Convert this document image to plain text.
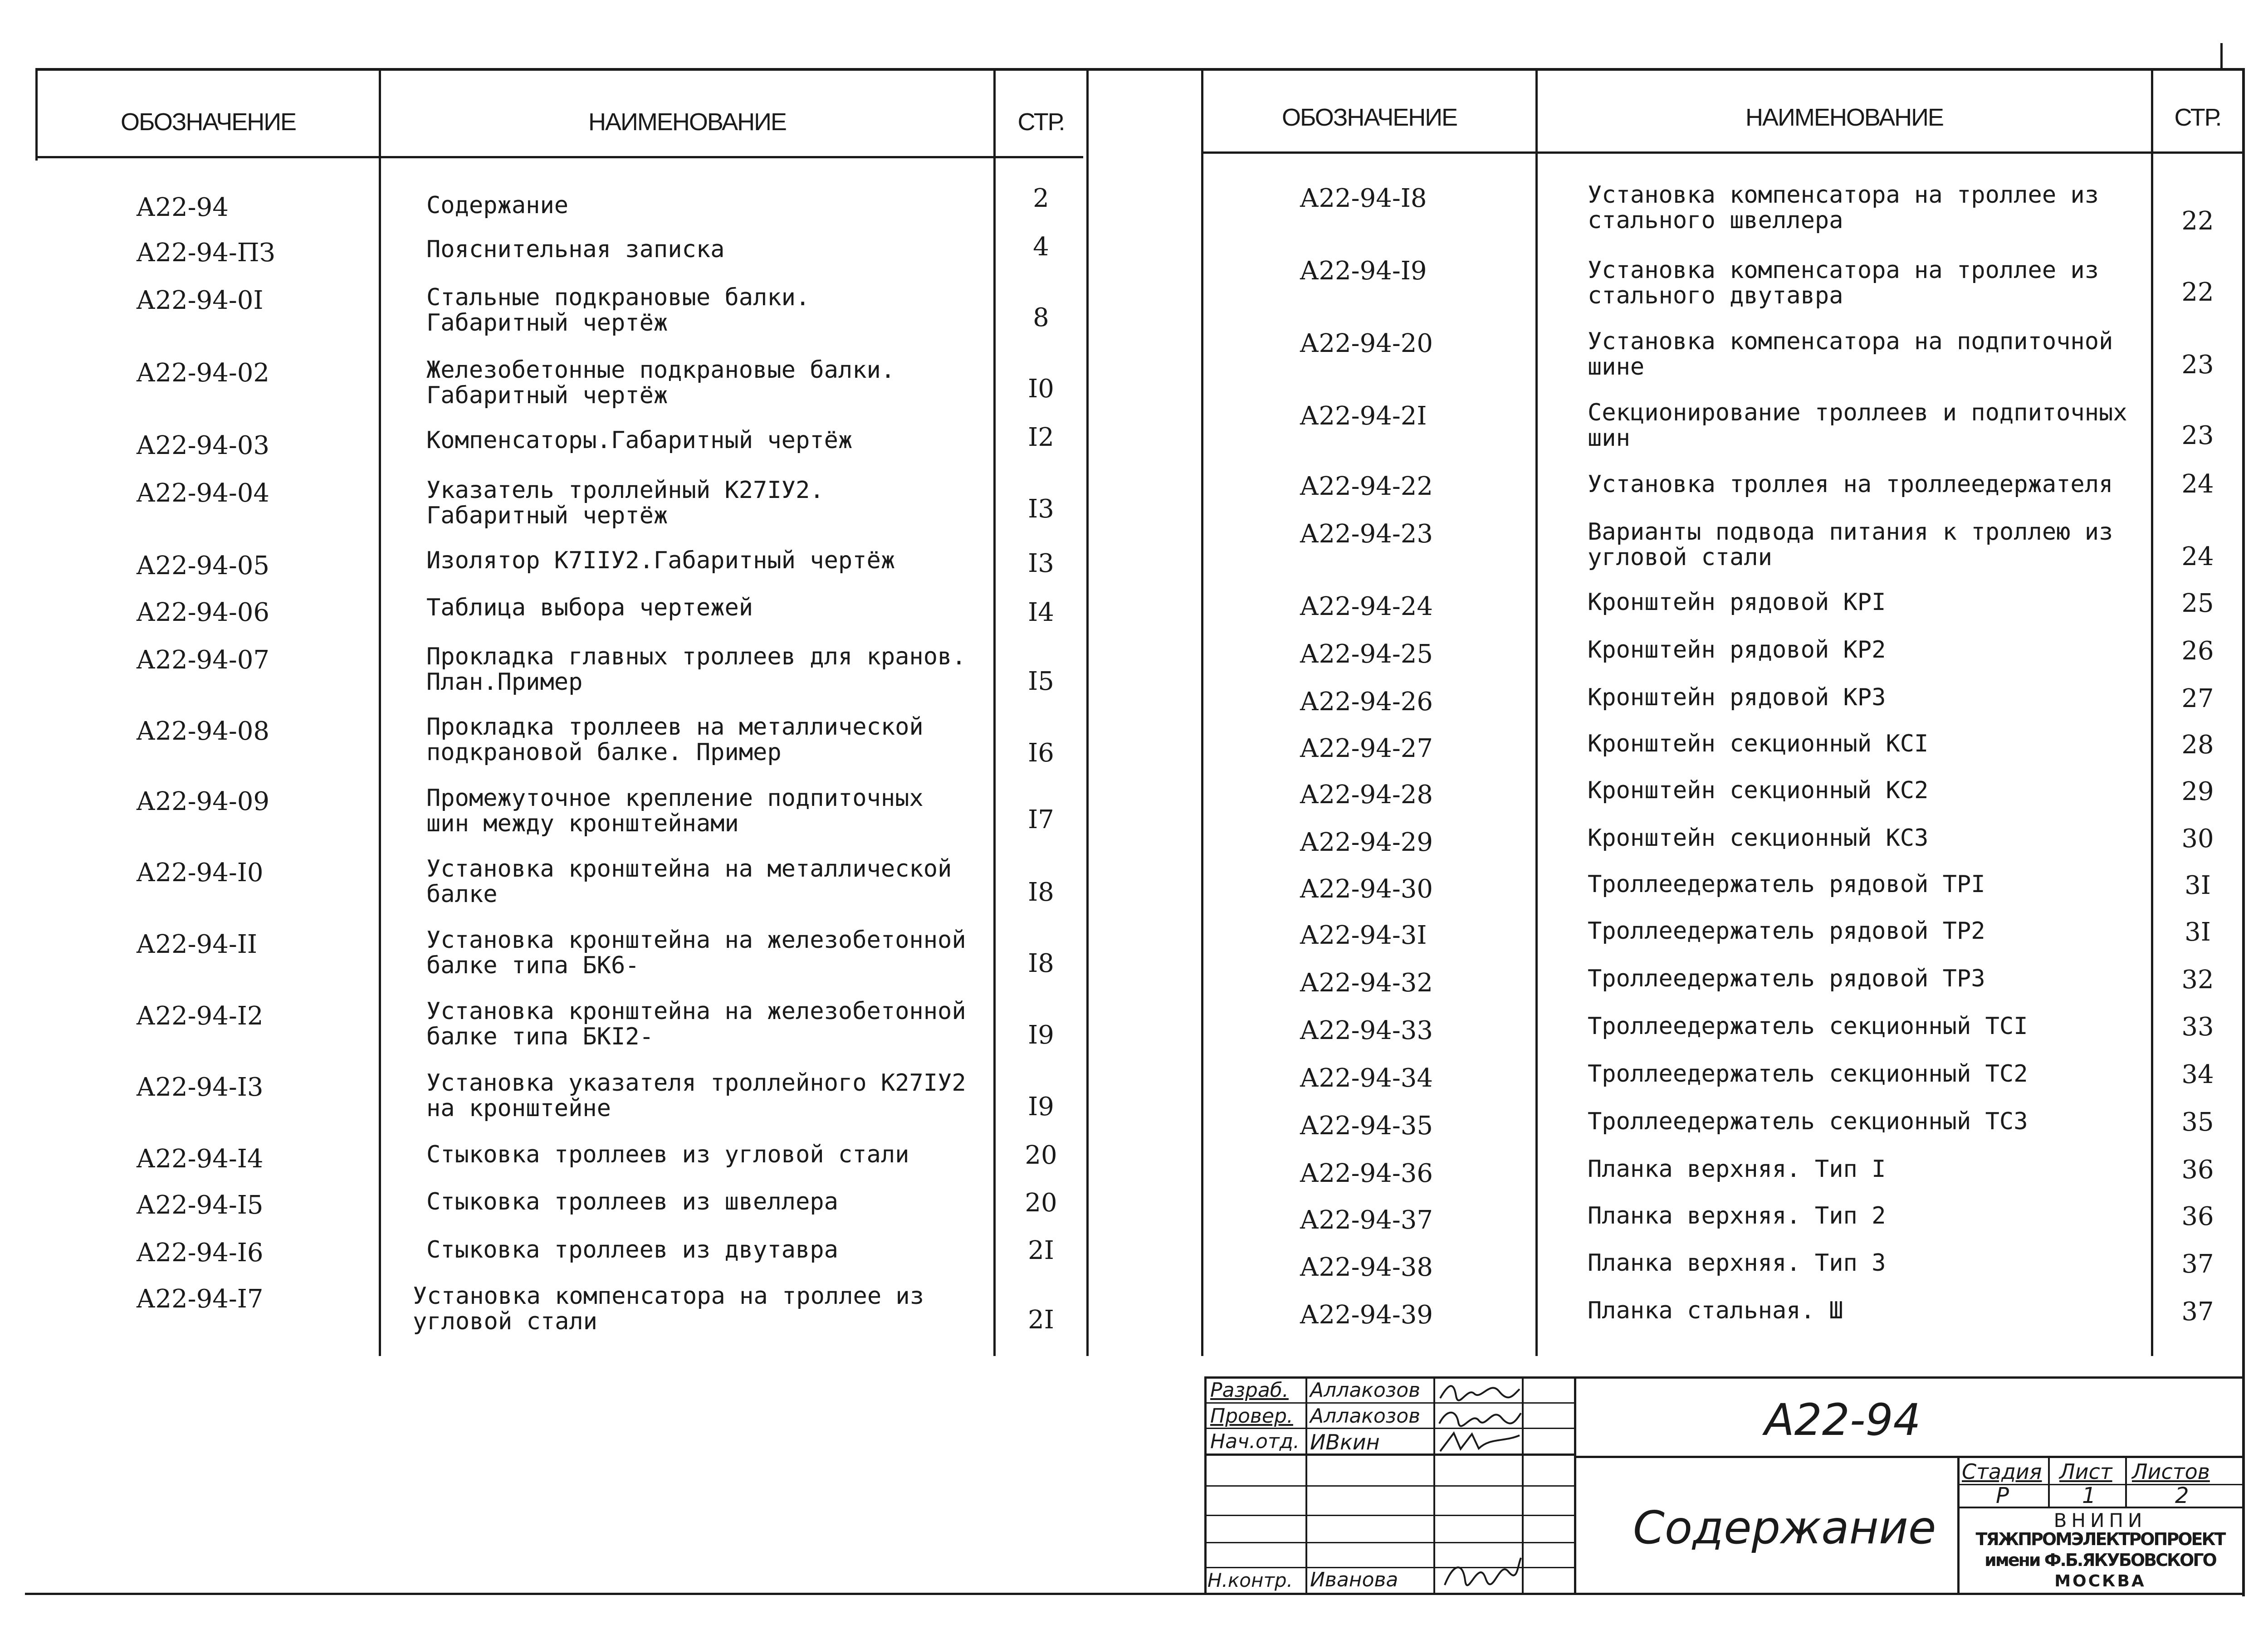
ОБОЗНАЧЕНИЕ	НАИМЕНОВАНИЕ	СТР.	ОБОЗНАЧЕНИЕ	НАИМЕНОВАНИЕ	СТР.
А22-94	Содержание	2
А22-94-ПЗ	Пояснительная записка	4
А22-94-0I	Стальные подкрановые балки.
Габаритный чертёж	8
А22-94-02	Железобетонные подкрановые балки.
Габаритный чертёж	I0
А22-94-03	Компенсаторы.Габаритный чертёж	I2
А22-94-04	Указатель троллейный К27IУ2.
Габаритный чертёж	I3
А22-94-05	Изолятор К7IIУ2.Габаритный чертёж	I3
А22-94-06	Таблица выбора чертежей	I4
А22-94-07	Прокладка главных троллеев для кранов.
План.Пример	I5
А22-94-08	Прокладка троллеев на металлической
подкрановой балке. Пример	I6
А22-94-09	Промежуточное крепление подпиточных
шин между кронштейнами	I7
А22-94-I0	Установка кронштейна на металлической
балке	I8
А22-94-II	Установка кронштейна на железобетонной
балке типа БК6-	I8
А22-94-I2	Установка кронштейна на железобетонной
балке типа БКI2-	I9
А22-94-I3	Установка указателя троллейного К27IУ2
на кронштейне	I9
А22-94-I4	Стыковка троллеев из угловой стали	20
А22-94-I5	Стыковка троллеев из швеллера	20
А22-94-I6	Стыковка троллеев из двутавра	2I
А22-94-I7	Установка компенсатора на троллее из
угловой стали	2I
А22-94-I8	Установка компенсатора на троллее из
стального швеллера	22
А22-94-I9	Установка компенсатора на троллее из
стального двутавра	22
А22-94-20	Установка компенсатора на подпиточной
шине	23
А22-94-2I	Секционирование троллеев и подпиточных
шин	23
А22-94-22	Установка троллея на троллеедержателя	24
А22-94-23	Варианты подвода питания к троллею из
угловой стали	24
А22-94-24	Кронштейн рядовой КРI	25
А22-94-25	Кронштейн рядовой КР2	26
А22-94-26	Кронштейн рядовой КР3	27
А22-94-27	Кронштейн секционный КСI	28
А22-94-28	Кронштейн секционный КС2	29
А22-94-29	Кронштейн секционный КС3	30
А22-94-30	Троллеедержатель рядовой ТРI	3I
А22-94-3I	Троллеедержатель рядовой ТР2	3I
А22-94-32	Троллеедержатель рядовой ТР3	32
А22-94-33	Троллеедержатель секционный ТСI	33
А22-94-34	Троллеедержатель секционный ТС2	34
А22-94-35	Троллеедержатель секционный ТС3	35
А22-94-36	Планка верхняя. Тип I	36
А22-94-37	Планка верхняя. Тип 2	36
А22-94-38	Планка верхняя. Тип 3	37
А22-94-39	Планка стальная. Ш	37
Разраб. Аллакозов
Провер. Аллакозов
Нач.отд. ИВкин
Н.контр. Иванова
А22-94
Содержание
Стадия Лист Листов
Р	1	2
ВНИПИ
ТЯЖПРОМЭЛЕКТРОПРОЕКТ
имени Ф.Б.ЯКУБОВСКОГО
МОСКВА
